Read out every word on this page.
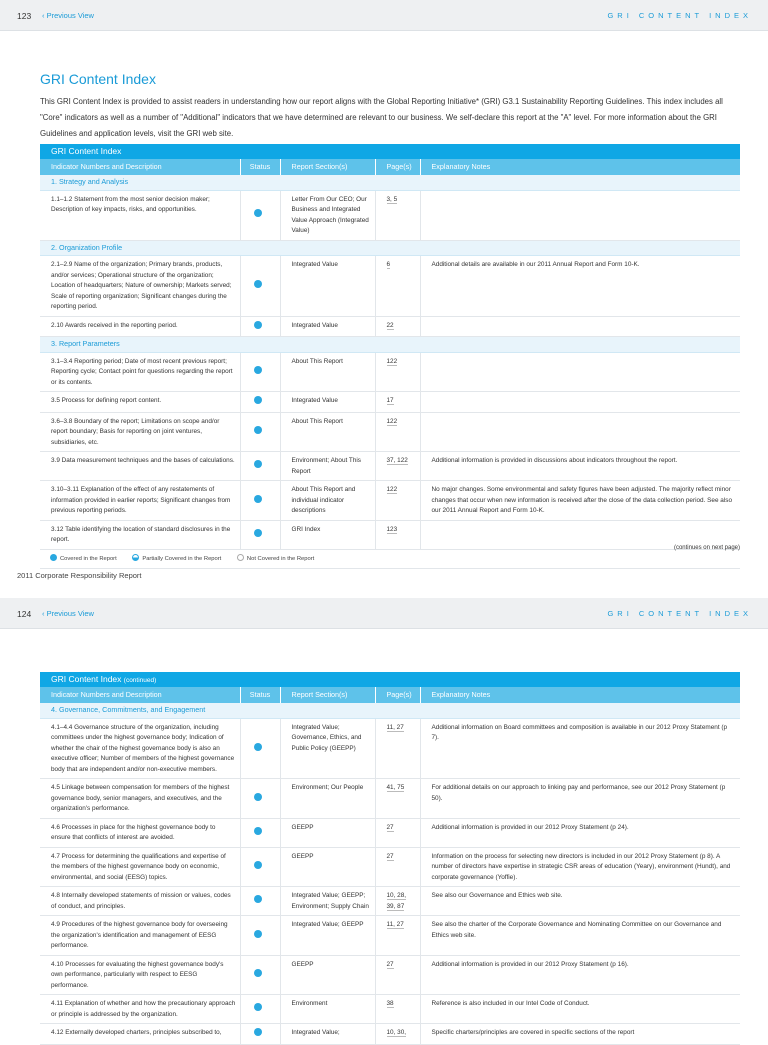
123 ‹ Previous View	GRI CONTENT INDEX
GRI Content Index
This GRI Content Index is provided to assist readers in understanding how our report aligns with the Global Reporting Initiative* (GRI) G3.1 Sustainability Reporting Guidelines. This index includes all "Core" indicators as well as a number of "Additional" indicators that we have determined are relevant to our business. We self-declare this report at the "A" level. For more information about the GRI Guidelines and application levels, visit the GRI web site.
GRI Content Index
Indicator Numbers and Description	Status	Report Section(s)	Page(s)	Explanatory Notes
1. Strategy and Analysis				
1.1–1.2 Statement from the most senior decision maker; Description of key impacts, risks, and opportunities.		Letter From Our CEO; Our Business and Integrated Value Approach (Integrated Value)	3, 5	
2. Organization Profile				
2.1–2.9 Name of the organization; Primary brands, products, and/or services; Operational structure of the organization; Location of headquarters; Nature of ownership; Markets served; Scale of reporting organization; Significant changes during the reporting period.		Integrated Value	6	Additional details are available in our 2011 Annual Report and Form 10-K.
2.10 Awards received in the reporting period.		Integrated Value	22	
3. Report Parameters				
3.1–3.4 Reporting period; Date of most recent previous report; Reporting cycle; Contact point for questions regarding the report or its contents.		About This Report	122	
3.5 Process for defining report content.		Integrated Value	17	
3.6–3.8 Boundary of the report; Limitations on scope and/or report boundary; Basis for reporting on joint ventures, subsidiaries, etc.		About This Report	122	
3.9 Data measurement techniques and the bases of calculations.		Environment; About This Report	37, 122	Additional information is provided in discussions about indicators throughout the report.
3.10–3.11 Explanation of the effect of any restatements of information provided in earlier reports; Significant changes from previous reporting periods.		About This Report and individual indicator descriptions	122	No major changes. Some environmental and safety figures have been adjusted. The majority reflect minor changes that occur when new information is received after the close of the data collection period. See also our 2011 Annual Report and Form 10-K.
3.12 Table identifying the location of standard disclosures in the report.		GRI Index	123	
Covered in the Report	Partially Covered in the Report	Not Covered in the Report
(continues on next page)
2011 Corporate Responsibility Report
124 ‹ Previous View	GRI CONTENT INDEX
GRI Content Index (continued)
Indicator Numbers and Description	Status	Report Section(s)	Page(s)	Explanatory Notes
4. Governance, Commitments, and Engagement				
4.1–4.4 Governance structure of the organization, including committees under the highest governance body; Indication of whether the chair of the highest governance body is also an executive officer; Number of members of the highest governance body that are independent and/or non-executive members.		Integrated Value; Governance, Ethics, and Public Policy (GEEPP)	11, 27	Additional information on Board committees and composition is available in our 2012 Proxy Statement (p 7).
4.5 Linkage between compensation for members of the highest governance body, senior managers, and executives, and the organization's performance.		Environment; Our People	41, 75	For additional details on our approach to linking pay and performance, see our 2012 Proxy Statement (p 50).
4.6 Processes in place for the highest governance body to ensure that conflicts of interest are avoided.		GEEPP	27	Additional information is provided in our 2012 Proxy Statement (p 24).
4.7 Process for determining the qualifications and expertise of the members of the highest governance body on economic, environmental, and social (EESG) topics.		GEEPP	27	Information on the process for selecting new directors is included in our 2012 Proxy Statement (p 8). A number of directors have expertise in strategic CSR areas of education (Yeary), environment (Hundt), and corporate governance (Yoffie).
4.8 Internally developed statements of mission or values, codes of conduct, and principles.		Integrated Value; GEEPP; Environment; Supply Chain	10, 28, 39, 87	See also our Governance and Ethics web site.
4.9 Procedures of the highest governance body for overseeing the organization's identification and management of EESG performance.		Integrated Value; GEEPP	11, 27	See also the charter of the Corporate Governance and Nominating Committee on our Governance and Ethics web site.
4.10 Processes for evaluating the highest governance body's own performance, particularly with respect to EESG performance.		GEEPP	27	Additional information is provided in our 2012 Proxy Statement (p 16).
4.11 Explanation of whether and how the precautionary approach or principle is addressed by the organization.		Environment	38	Reference is also included in our Intel Code of Conduct.
4.12 Externally developed charters, principles subscribed to,		Integrated Value;	10, 30,	Specific charters/principles are covered in specific sections of the report
